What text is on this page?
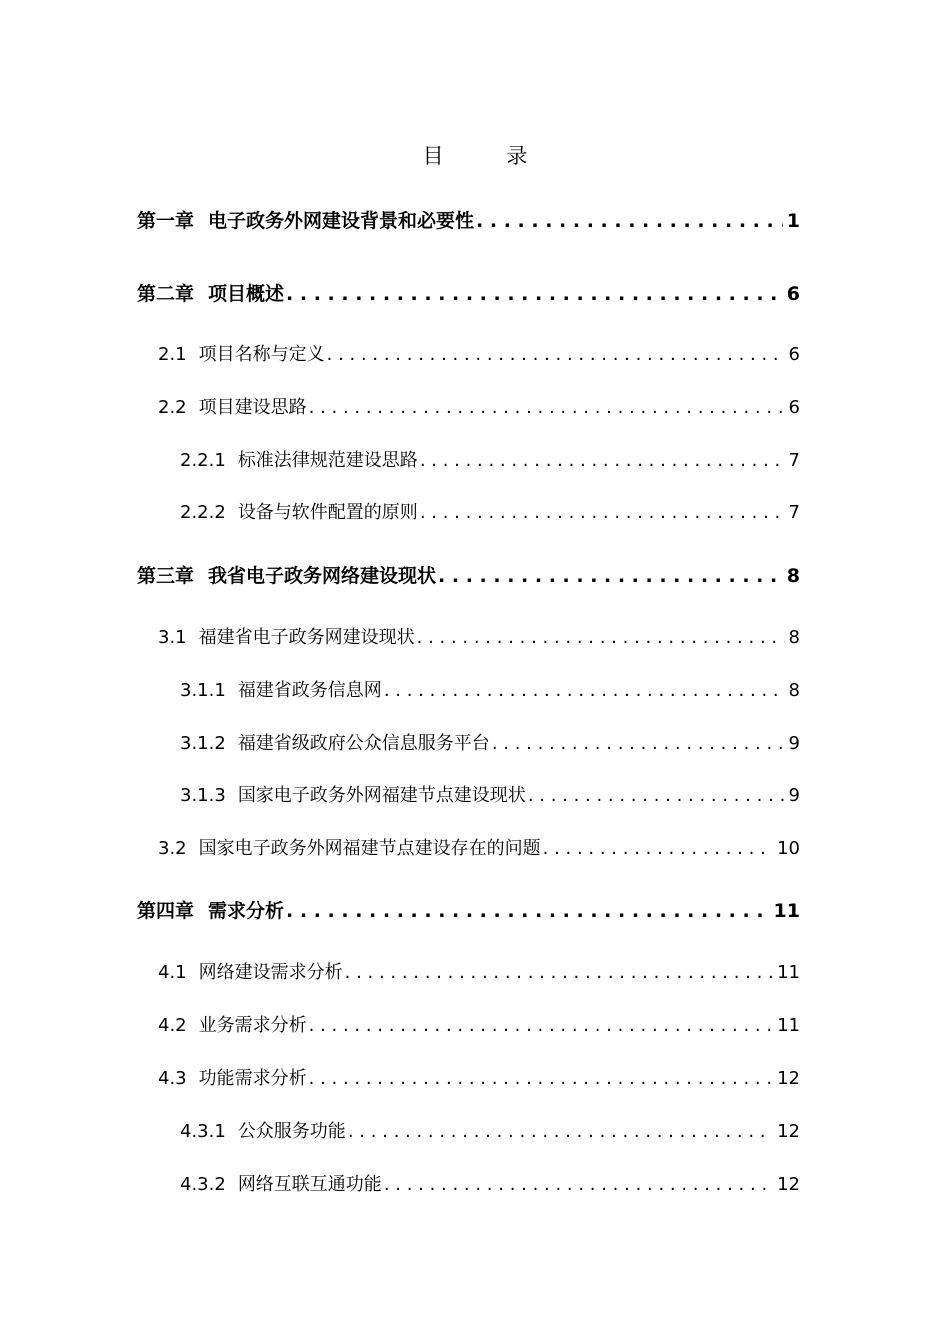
目 录
第一章 电子政务外网建设背景和必要性 . . .	1
第二章 项目概述 . . .	6
2.1 项目名称与定义 . . .	6
2.2 项目建设思路 . . .	6
2.2.1 标准法律规范建设思路 . . .	7
2.2.2 设备与软件配置的原则 . . .	7
第三章 我省电子政务网络建设现状 . . .	8
3.1 福建省电子政务网建设现状 . . .	8
3.1.1 福建省政务信息网 . . .	8
3.1.2 福建省级政府公众信息服务平台 . . .	9
3.1.3 国家电子政务外网福建节点建设现状 . . .	9
3.2 国家电子政务外网福建节点建设存在的问题 . . .	10
第四章 需求分析 . . .	11
4.1 网络建设需求分析 . . .	11
4.2 业务需求分析 . . .	11
4.3 功能需求分析 . . .	12
4.3.1 公众服务功能 . . .	12
4.3.2 网络互联互通功能 . . .	12
